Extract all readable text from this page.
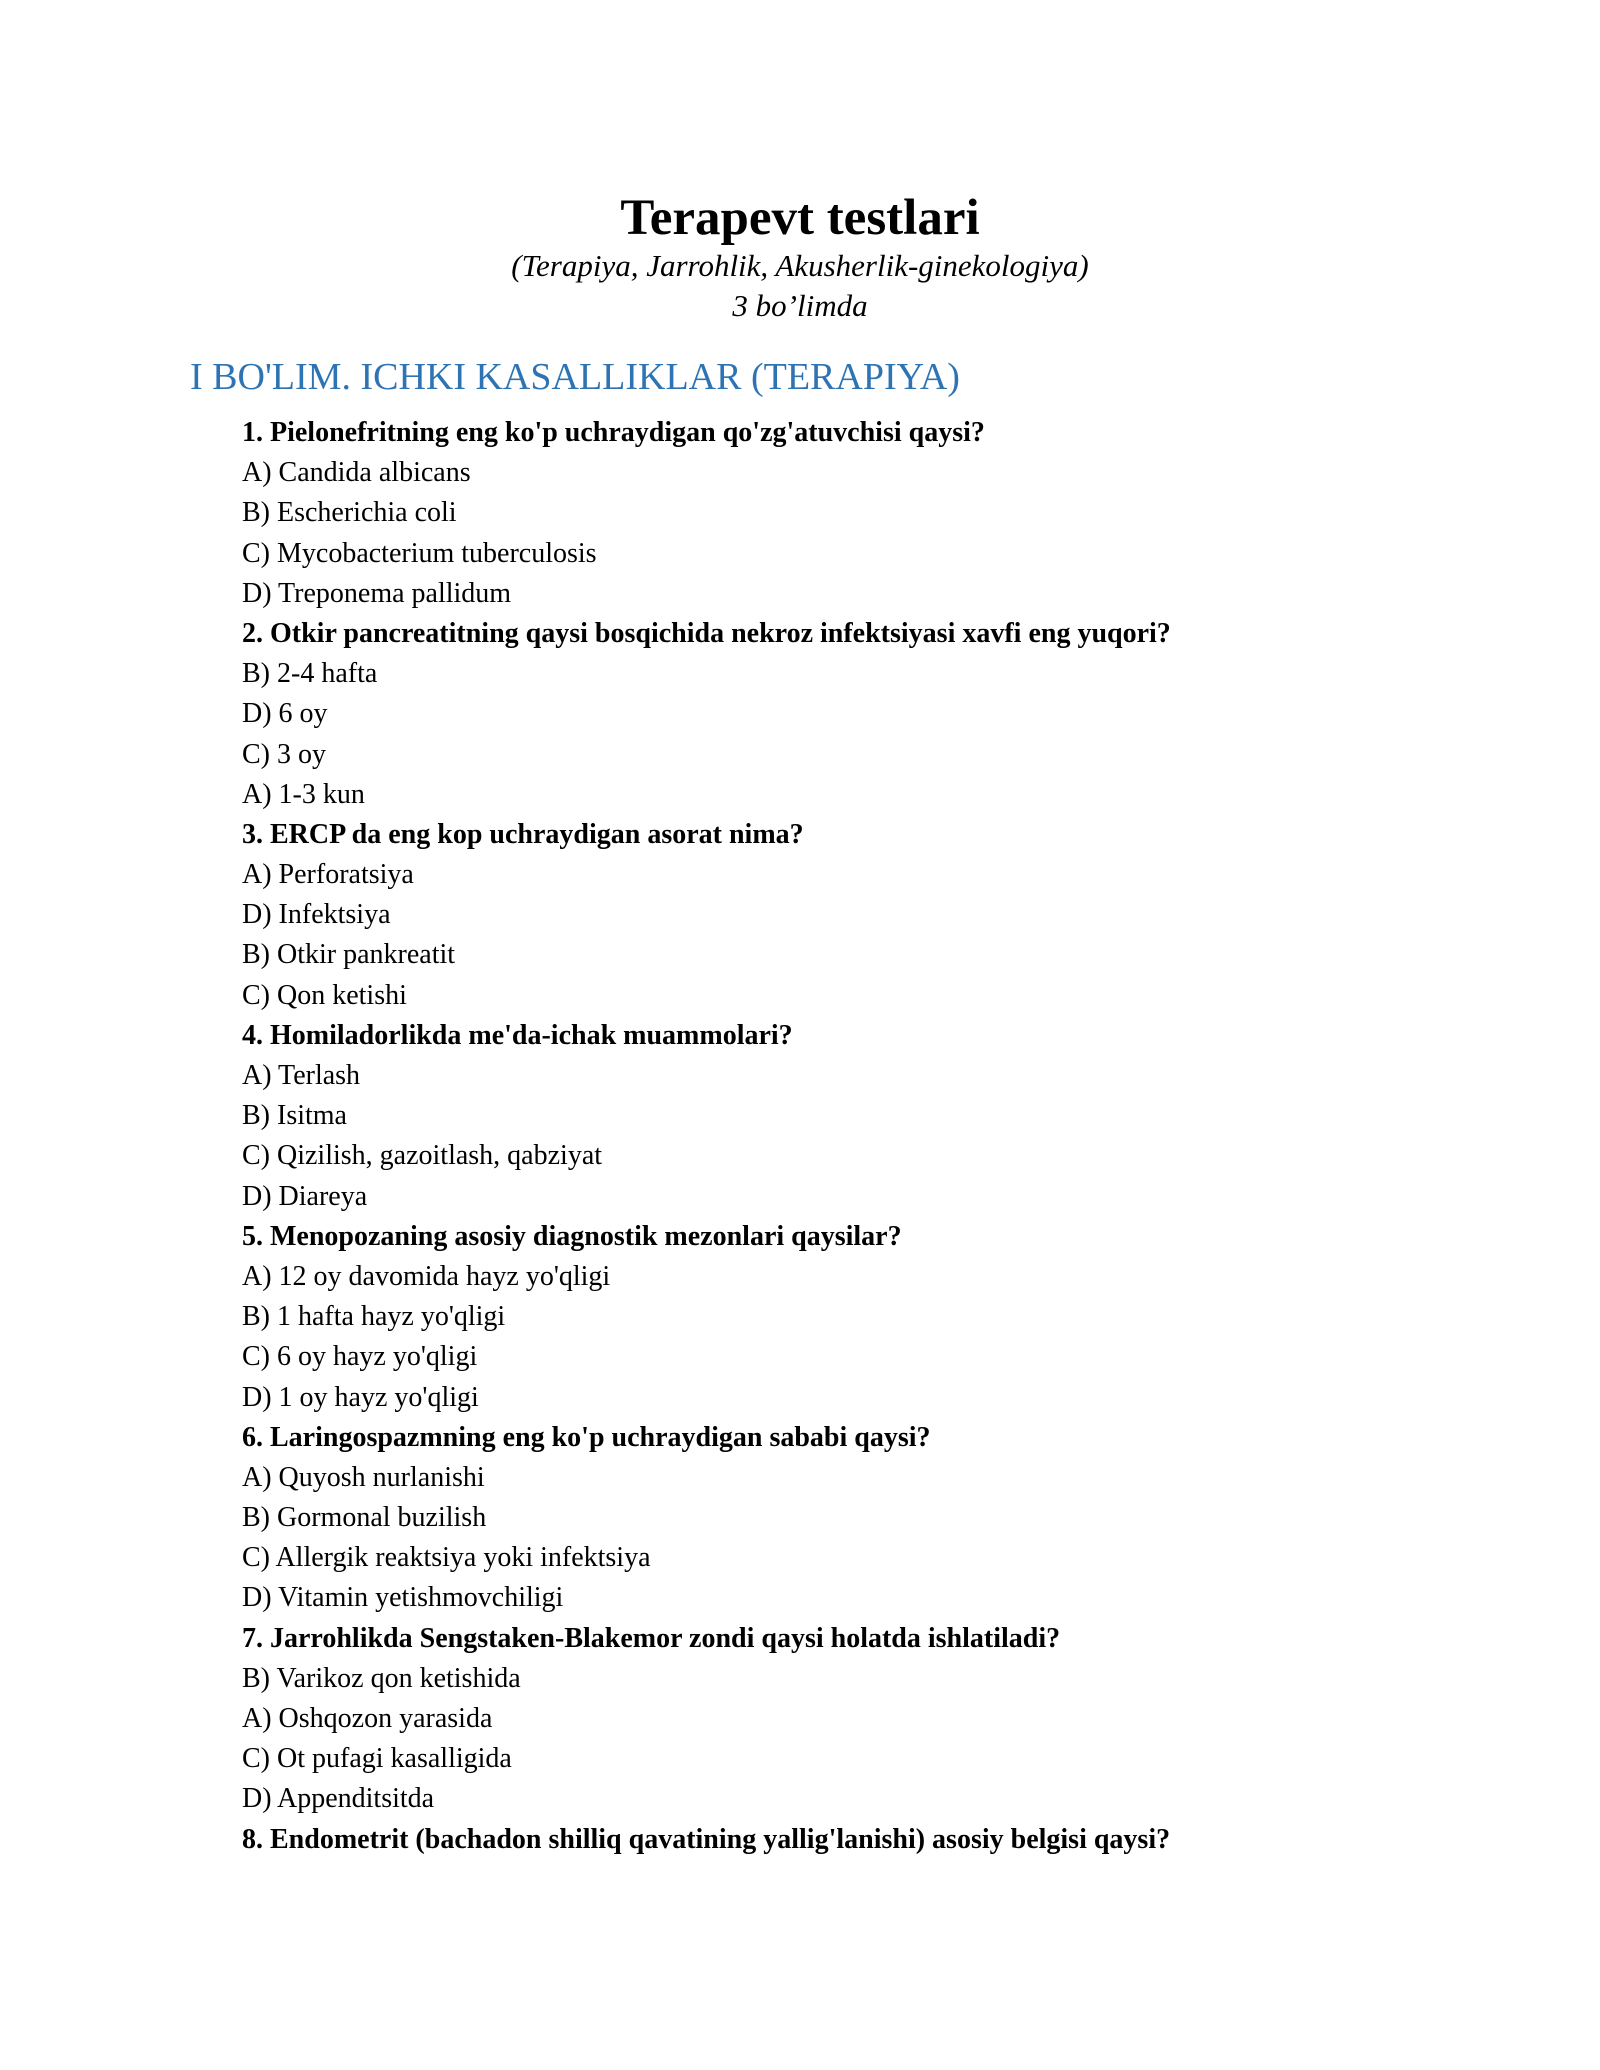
Terapevt testlari
(Terapiya, Jarrohlik, Akusherlik-ginekologiya)
3 bo’limda
I BO'LIM. ICHKI KASALLIKLAR (TERAPIYA)
1. Pielonefritning eng ko'p uchraydigan qo'zg'atuvchisi qaysi?
A) Candida albicans
B) Escherichia coli
C) Mycobacterium tuberculosis
D) Treponema pallidum
2. Otkir pancreatitning qaysi bosqichida nekroz infektsiyasi xavfi eng yuqori?
B) 2-4 hafta
D) 6 oy
C) 3 oy
A) 1-3 kun
3. ERCP da eng kop uchraydigan asorat nima?
A) Perforatsiya
D) Infektsiya
B) Otkir pankreatit
C) Qon ketishi
4. Homiladorlikda me'da-ichak muammolari?
A) Terlash
B) Isitma
C) Qizilish, gazoitlash, qabziyat
D) Diareya
5. Menopozaning asosiy diagnostik mezonlari qaysilar?
A) 12 oy davomida hayz yo'qligi
B) 1 hafta hayz yo'qligi
C) 6 oy hayz yo'qligi
D) 1 oy hayz yo'qligi
6. Laringospazmning eng ko'p uchraydigan sababi qaysi?
A) Quyosh nurlanishi
B) Gormonal buzilish
C) Allergik reaktsiya yoki infektsiya
D) Vitamin yetishmovchiligi
7. Jarrohlikda Sengstaken-Blakemor zondi qaysi holatda ishlatiladi?
B) Varikoz qon ketishida
A) Oshqozon yarasida
C) Ot pufagi kasalligida
D) Appenditsitda
8. Endometrit (bachadon shilliq qavatining yallig'lanishi) asosiy belgisi qaysi?
